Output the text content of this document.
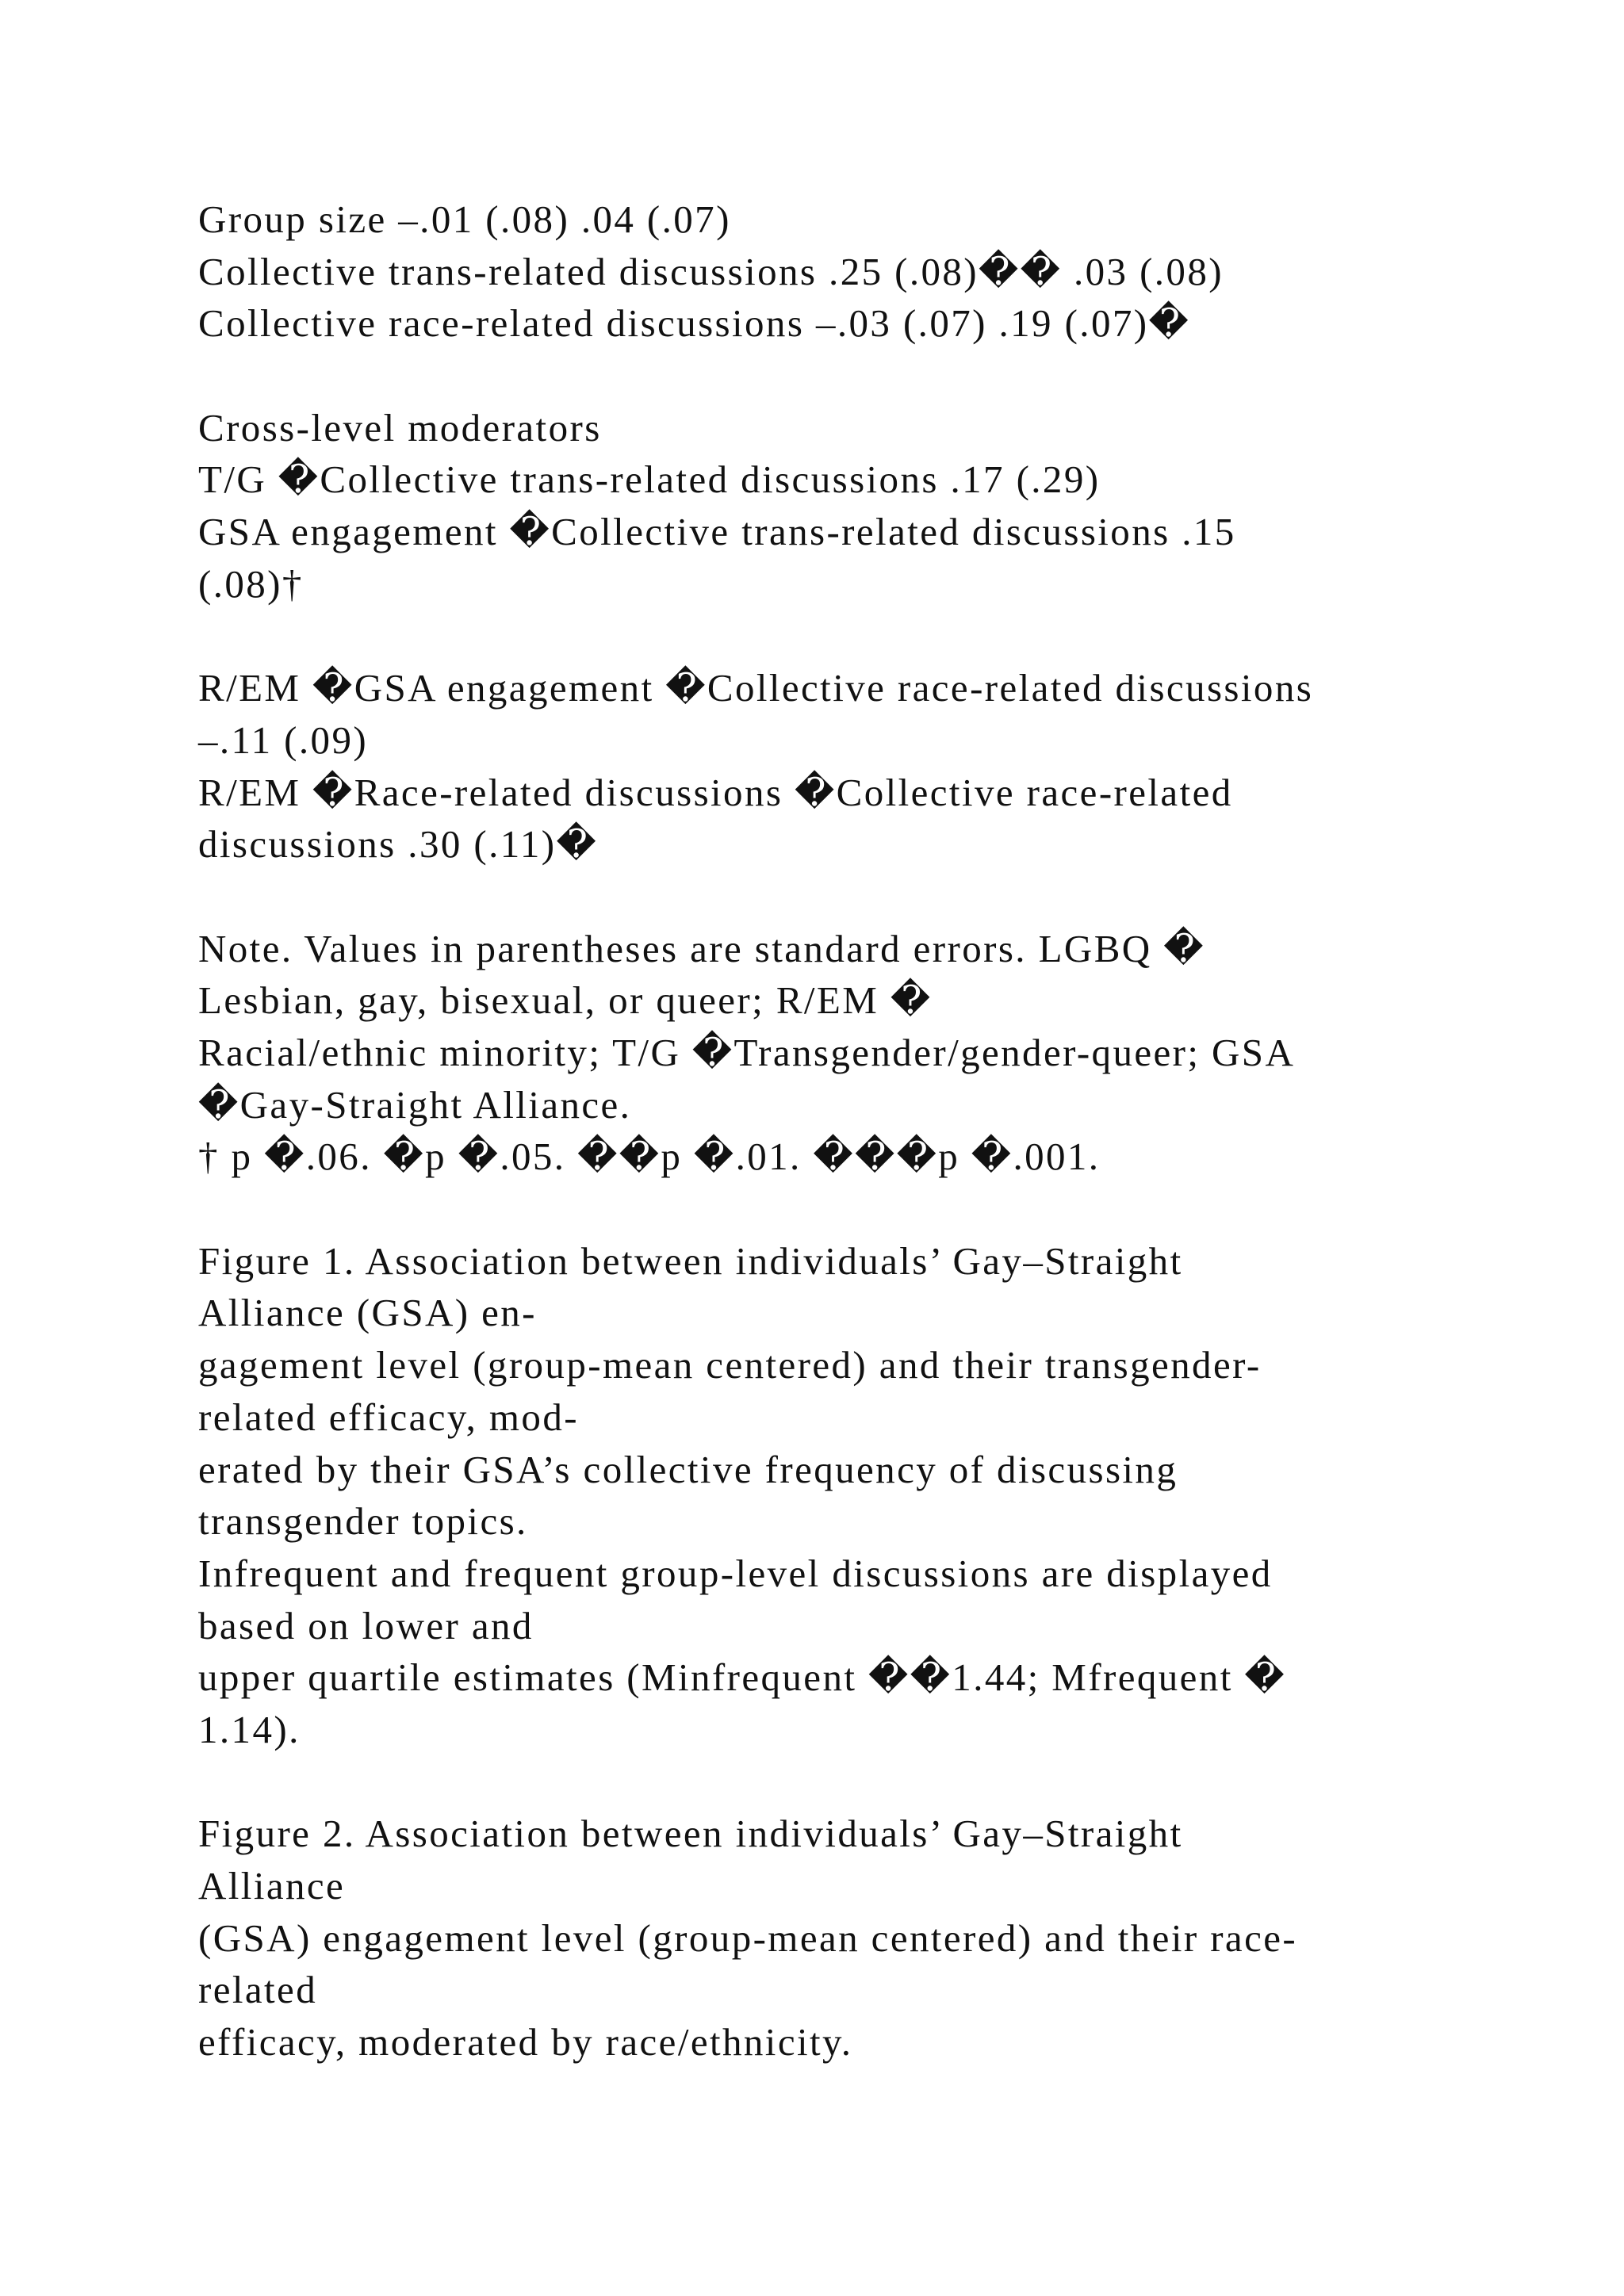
Group size –.01 (.08) .04 (.07)
Collective trans-related discussions .25 (.08)�� .03 (.08)
Collective race-related discussions –.03 (.07) .19 (.07)�
Cross-level moderators
T/G �Collective trans-related discussions .17 (.29)
GSA engagement �Collective trans-related discussions .15
(.08)†
R/EM �GSA engagement �Collective race-related discussions
–.11 (.09)
R/EM �Race-related discussions �Collective race-related
discussions .30 (.11)�
Note. Values in parentheses are standard errors. LGBQ �
Lesbian, gay, bisexual, or queer; R/EM �
Racial/ethnic minority; T/G �Transgender/gender-queer; GSA
�Gay-Straight Alliance.
† p �.06. �p �.05. ��p �.01. ���p �.001.
Figure 1. Association between individuals’ Gay–Straight
Alliance (GSA) en-
gagement level (group-mean centered) and their transgender-
related efficacy, mod-
erated by their GSA’s collective frequency of discussing
transgender topics.
Infrequent and frequent group-level discussions are displayed
based on lower and
upper quartile estimates (Minfrequent ��1.44; Mfrequent �
1.14).
Figure 2. Association between individuals’ Gay–Straight
Alliance
(GSA) engagement level (group-mean centered) and their race-
related
efficacy, moderated by race/ethnicity.
